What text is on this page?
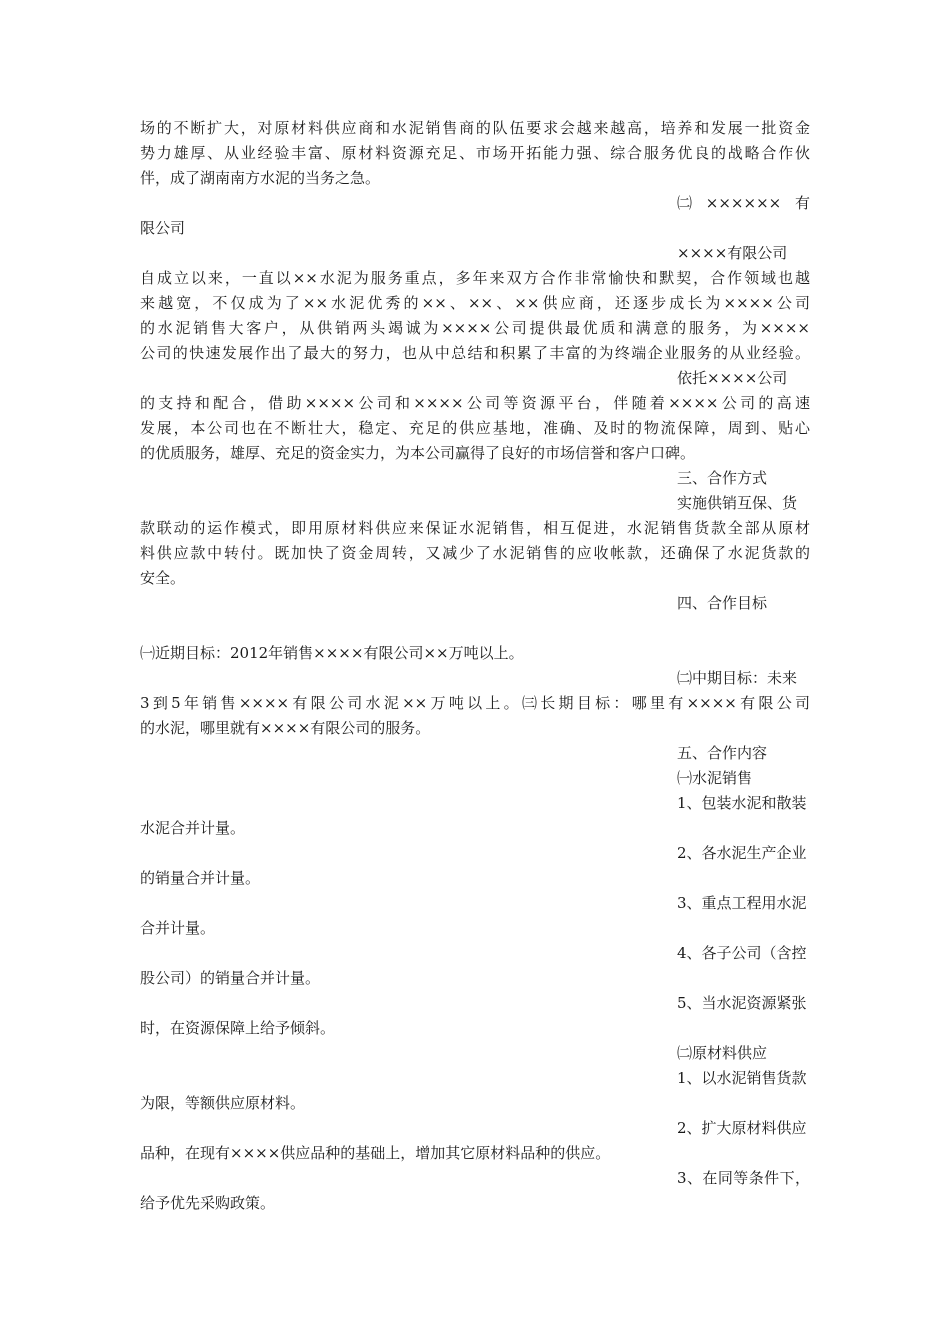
场的不断扩大，对原材料供应商和水泥销售商的队伍要求会越来越高，培养和发展一批资金
势力雄厚、从业经验丰富、原材料资源充足、市场开拓能力强、综合服务优良的战略合作伙
伴，成了湖南南方水泥的当务之急。
㈡××××××有
限公司
××××有限公司
自成立以来，一直以××水泥为服务重点，多年来双方合作非常愉快和默契，合作领域也越
来越宽，不仅成为了××水泥优秀的××、××、××供应商，还逐步成长为××××公司
的水泥销售大客户，从供销两头竭诚为××××公司提供最优质和满意的服务，为××××
公司的快速发展作出了最大的努力，也从中总结和积累了丰富的为终端企业服务的从业经验。
依托××××公司
的支持和配合，借助××××公司和××××公司等资源平台，伴随着××××公司的高速
发展，本公司也在不断壮大，稳定、充足的供应基地，准确、及时的物流保障，周到、贴心
的优质服务，雄厚、充足的资金实力，为本公司赢得了良好的市场信誉和客户口碑。
三、合作方式
实施供销互保、货
款联动的运作模式，即用原材料供应来保证水泥销售，相互促进，水泥销售货款全部从原材
料供应款中转付。既加快了资金周转，又减少了水泥销售的应收帐款，还确保了水泥货款的
安全。
四、合作目标
㈠近期目标：2012年销售××××有限公司××万吨以上。
㈡中期目标：未来
3到5年销售××××有限公司水泥××万吨以上。㈢长期目标：哪里有××××有限公司
的水泥，哪里就有××××有限公司的服务。
五、合作内容
㈠水泥销售
1、包装水泥和散装
水泥合并计量。
2、各水泥生产企业
的销量合并计量。
3、重点工程用水泥
合并计量。
4、各子公司（含控
股公司）的销量合并计量。
5、当水泥资源紧张
时，在资源保障上给予倾斜。
㈡原材料供应
1、以水泥销售货款
为限，等额供应原材料。
2、扩大原材料供应
品种，在现有××××供应品种的基础上，增加其它原材料品种的供应。
3、在同等条件下，
给予优先采购政策。
